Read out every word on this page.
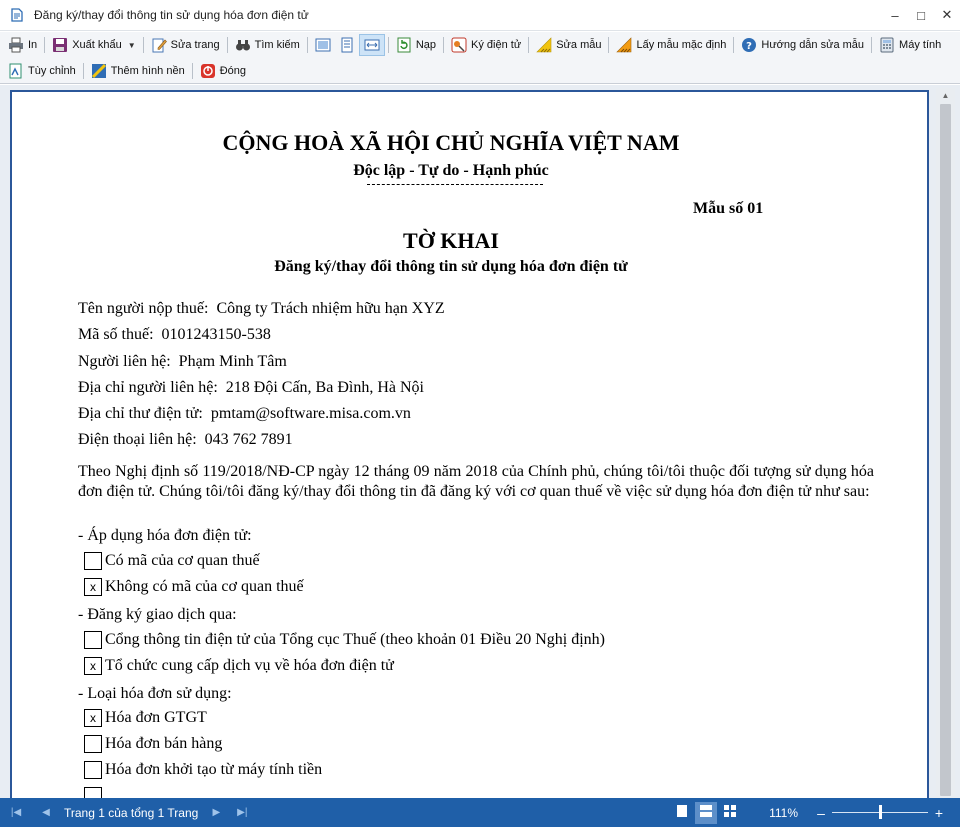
Đăng ký/thay đổi thông tin sử dụng hóa đơn điện tử	–	□	✕
In	Xuất khẩu ▼	Sửa trang	Tìm kiếm	Nạp	Ký điện tử	Sửa mẫu	Lấy mẫu mặc định ? Hướng dẫn sửa mẫu	Máy tính
Tùy chỉnh	Thêm hình nền	Đóng
CỘNG HOÀ XÃ HỘI CHỦ NGHĨA VIỆT NAM
Độc lập - Tự do - Hạnh phúc
Mẫu số 01
TỜ KHAI
Đăng ký/thay đổi thông tin sử dụng hóa đơn điện tử
Tên người nộp thuế: Công ty Trách nhiệm hữu hạn XYZ
Mã số thuế: 0101243150-538
Người liên hệ: Phạm Minh Tâm
Địa chỉ người liên hệ: 218 Đội Cấn, Ba Đình, Hà Nội
Địa chỉ thư điện tử: pmtam@software.misa.com.vn
Điện thoại liên hệ: 043 762 7891
Theo Nghị định số 119/2018/NĐ-CP ngày 12 tháng 09 năm 2018 của Chính phủ, chúng tôi/tôi thuộc đối tượng sử dụng hóa đơn điện tử. Chúng tôi/tôi đăng ký/thay đổi thông tin đã đăng ký với cơ quan thuế về việc sử dụng hóa đơn điện tử như sau:
- Áp dụng hóa đơn điện tử:
Có mã của cơ quan thuế
x Không có mã của cơ quan thuế
- Đăng ký giao dịch qua:
Cổng thông tin điện tử của Tổng cục Thuế (theo khoản 01 Điều 20 Nghị định)
x Tổ chức cung cấp dịch vụ về hóa đơn điện tử
- Loại hóa đơn sử dụng:
x Hóa đơn GTGT
Hóa đơn bán hàng
Hóa đơn khởi tạo từ máy tính tiền
▲
|◀	◀	Trang 1 của tổng 1 Trang	▶	▶|	111% –	+
